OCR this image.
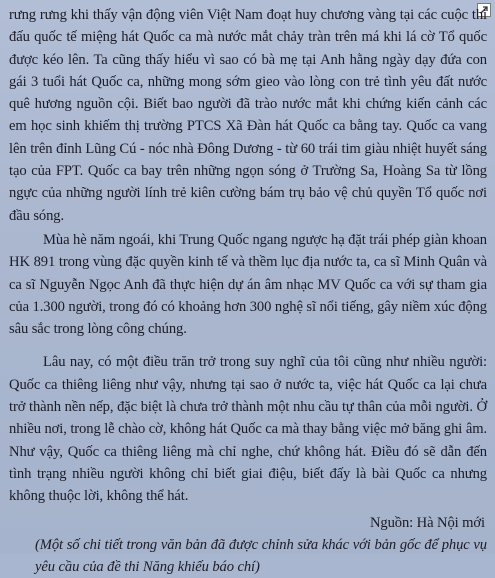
rưng rưng khi thấy vận động viên Việt Nam đoạt huy chương vàng tại các cuộc thi đấu quốc tế miệng hát Quốc ca mà nước mắt chảy tràn trên má khi lá cờ Tổ quốc được kéo lên. Ta cũng thấy hiểu vì sao có bà mẹ tại Anh hằng ngày dạy đứa con gái 3 tuổi hát Quốc ca, những mong sớm gieo vào lòng con trẻ tình yêu đất nước quê hương nguồn cội. Biết bao người đã trào nước mắt khi chứng kiến cảnh các em học sinh khiếm thị trường PTCS Xã Đàn hát Quốc ca bằng tay. Quốc ca vang lên trên đỉnh Lũng Cú - nóc nhà Đông Dương - từ 60 trái tim giàu nhiệt huyết sáng tạo của FPT. Quốc ca bay trên những ngọn sóng ở Trường Sa, Hoàng Sa từ lồng ngực của những người lính trẻ kiên cường bám trụ bảo vệ chủ quyền Tổ quốc nơi đầu sóng.

Mùa hè năm ngoái, khi Trung Quốc ngang ngược hạ đặt trái phép giàn khoan HK 891 trong vùng đặc quyền kinh tế và thềm lục địa nước ta, ca sĩ Minh Quân và ca sĩ Nguyễn Ngọc Anh đã thực hiện dự án âm nhạc MV Quốc ca với sự tham gia của 1.300 người, trong đó có khoảng hơn 300 nghệ sĩ nổi tiếng, gây niềm xúc động sâu sắc trong lòng công chúng.

Lâu nay, có một điều trăn trở trong suy nghĩ của tôi cũng như nhiều người: Quốc ca thiêng liêng như vậy, nhưng tại sao ở nước ta, việc hát Quốc ca lại chưa trở thành nền nếp, đặc biệt là chưa trở thành một nhu cầu tự thân của mỗi người. Ở nhiều nơi, trong lễ chào cờ, không hát Quốc ca mà thay bằng việc mở băng ghi âm. Như vậy, Quốc ca thiêng liêng mà chỉ nghe, chứ không hát. Điều đó sẽ dẫn đến tình trạng nhiều người không chỉ biết giai điệu, biết đấy là bài Quốc ca nhưng không thuộc lời, không thể hát.

Nguồn: Hà Nội mới

(Một số chi tiết trong văn bản đã được chỉnh sửa khác với bản gốc để phục vụ yêu cầu của đề thi Năng khiếu báo chí)
